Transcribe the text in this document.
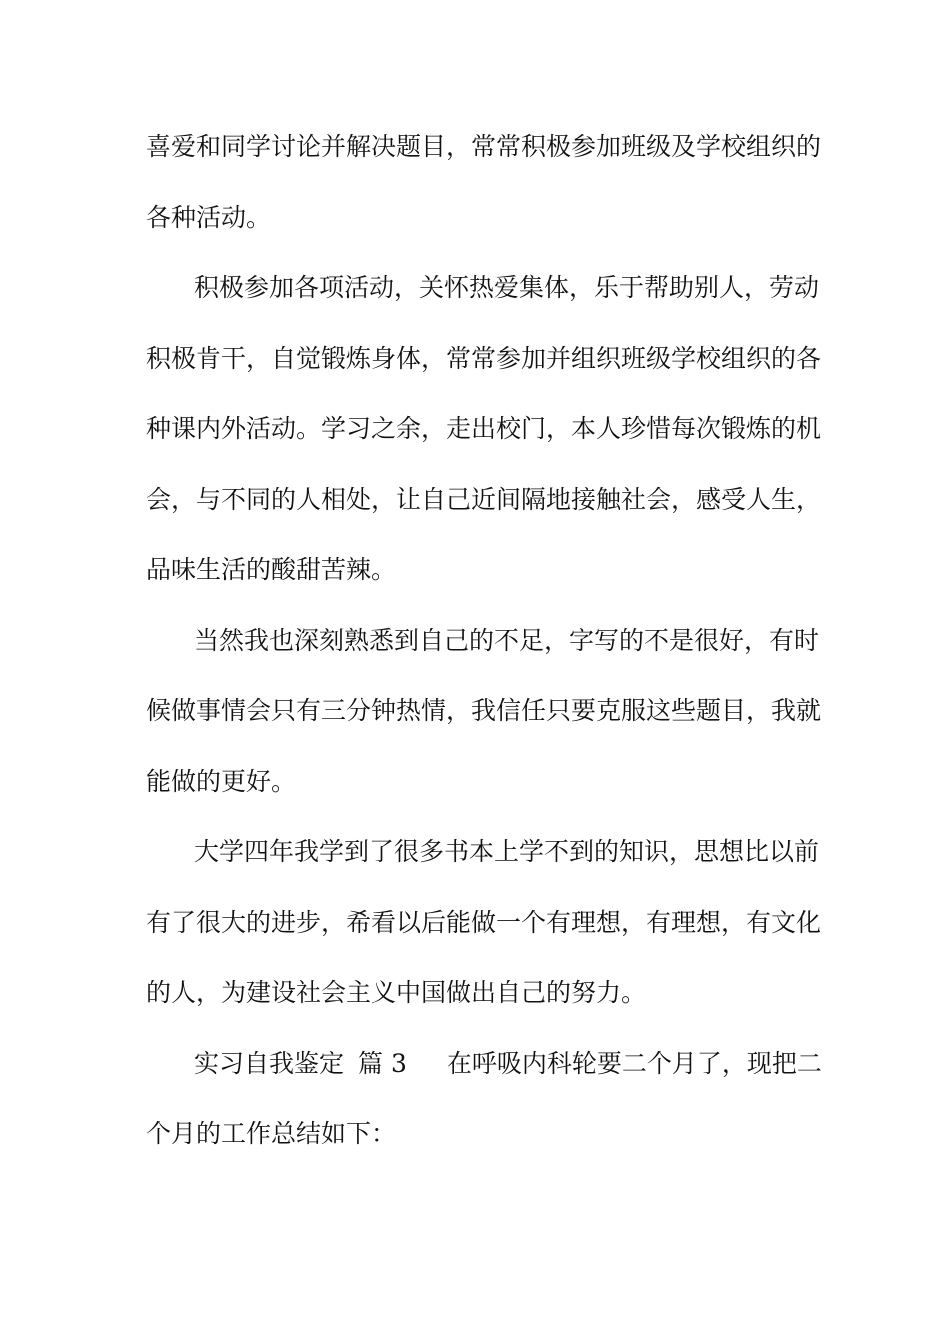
喜爱和同学讨论并解决题目，常常积极参加班级及学校组织的
各种活动。
积极参加各项活动，关怀热爱集体，乐于帮助别人，劳动
积极肯干，自觉锻炼身体，常常参加并组织班级学校组织的各
种课内外活动。学习之余，走出校门，本人珍惜每次锻炼的机
会，与不同的人相处，让自己近间隔地接触社会，感受人生，
品味生活的酸甜苦辣。
当然我也深刻熟悉到自己的不足，字写的不是很好，有时
候做事情会只有三分钟热情，我信任只要克服这些题目，我就
能做的更好。
大学四年我学到了很多书本上学不到的知识，思想比以前
有了很大的进步，希看以后能做一个有理想，有理想，有文化
的人，为建设社会主义中国做出自己的努力。
实习自我鉴定 篇 3 在呼吸内科轮要二个月了，现把二
个月的工作总结如下：
